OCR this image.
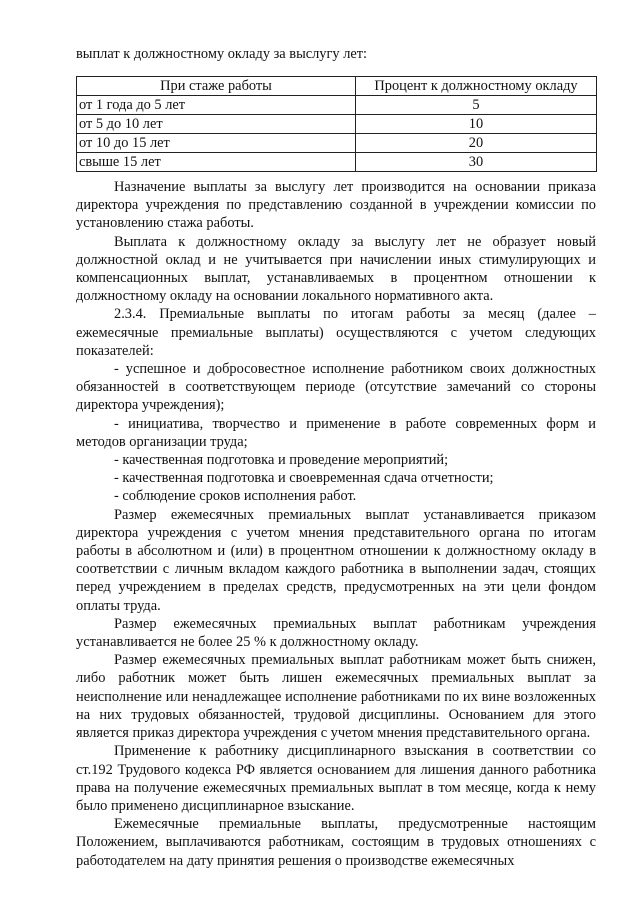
выплат к должностному окладу за выслугу лет:
При стаже работы	Процент к должностному окладу
от 1 года до 5 лет	5
от 5 до 10 лет	10
от 10 до 15 лет	20
свыше 15 лет	30

Назначение выплаты за выслугу лет производится на основании приказа директора учреждения по представлению созданной в учреждении комиссии по установлению стажа работы.

Выплата к должностному окладу за выслугу лет не образует новый должностной оклад и не учитывается при начислении иных стимулирующих и компенсационных выплат, устанавливаемых в процентном отношении к должностному окладу на основании локального нормативного акта.

2.3.4. Премиальные выплаты по итогам работы за месяц (далее – ежемесячные премиальные выплаты) осуществляются с учетом следующих показателей:

- успешное и добросовестное исполнение работником своих должностных обязанностей в соответствующем периоде (отсутствие замечаний со стороны директора учреждения);

- инициатива, творчество и применение в работе современных форм и методов организации труда;

- качественная подготовка и проведение мероприятий;

- качественная подготовка и своевременная сдача отчетности;

- соблюдение сроков исполнения работ.

Размер ежемесячных премиальных выплат устанавливается приказом директора учреждения с учетом мнения представительного органа по итогам работы в абсолютном и (или) в процентном отношении к должностному окладу в соответствии с личным вкладом каждого работника в выполнении задач, стоящих перед учреждением в пределах средств, предусмотренных на эти цели фондом оплаты труда.

Размер ежемесячных премиальных выплат работникам учреждения устанавливается не более 25 % к должностному окладу.

Размер ежемесячных премиальных выплат работникам может быть снижен, либо работник может быть лишен ежемесячных премиальных выплат за неисполнение или ненадлежащее исполнение работниками по их вине возложенных на них трудовых обязанностей, трудовой дисциплины. Основанием для этого является приказ директора учреждения с учетом мнения представительного органа.

Применение к работнику дисциплинарного взыскания в соответствии со ст.192 Трудового кодекса РФ является основанием для лишения данного работника права на получение ежемесячных премиальных выплат в том месяце, когда к нему было применено дисциплинарное взыскание.

Ежемесячные премиальные выплаты, предусмотренные настоящим Положением, выплачиваются работникам, состоящим в трудовых отношениях с работодателем на дату принятия решения о производстве ежемесячных
